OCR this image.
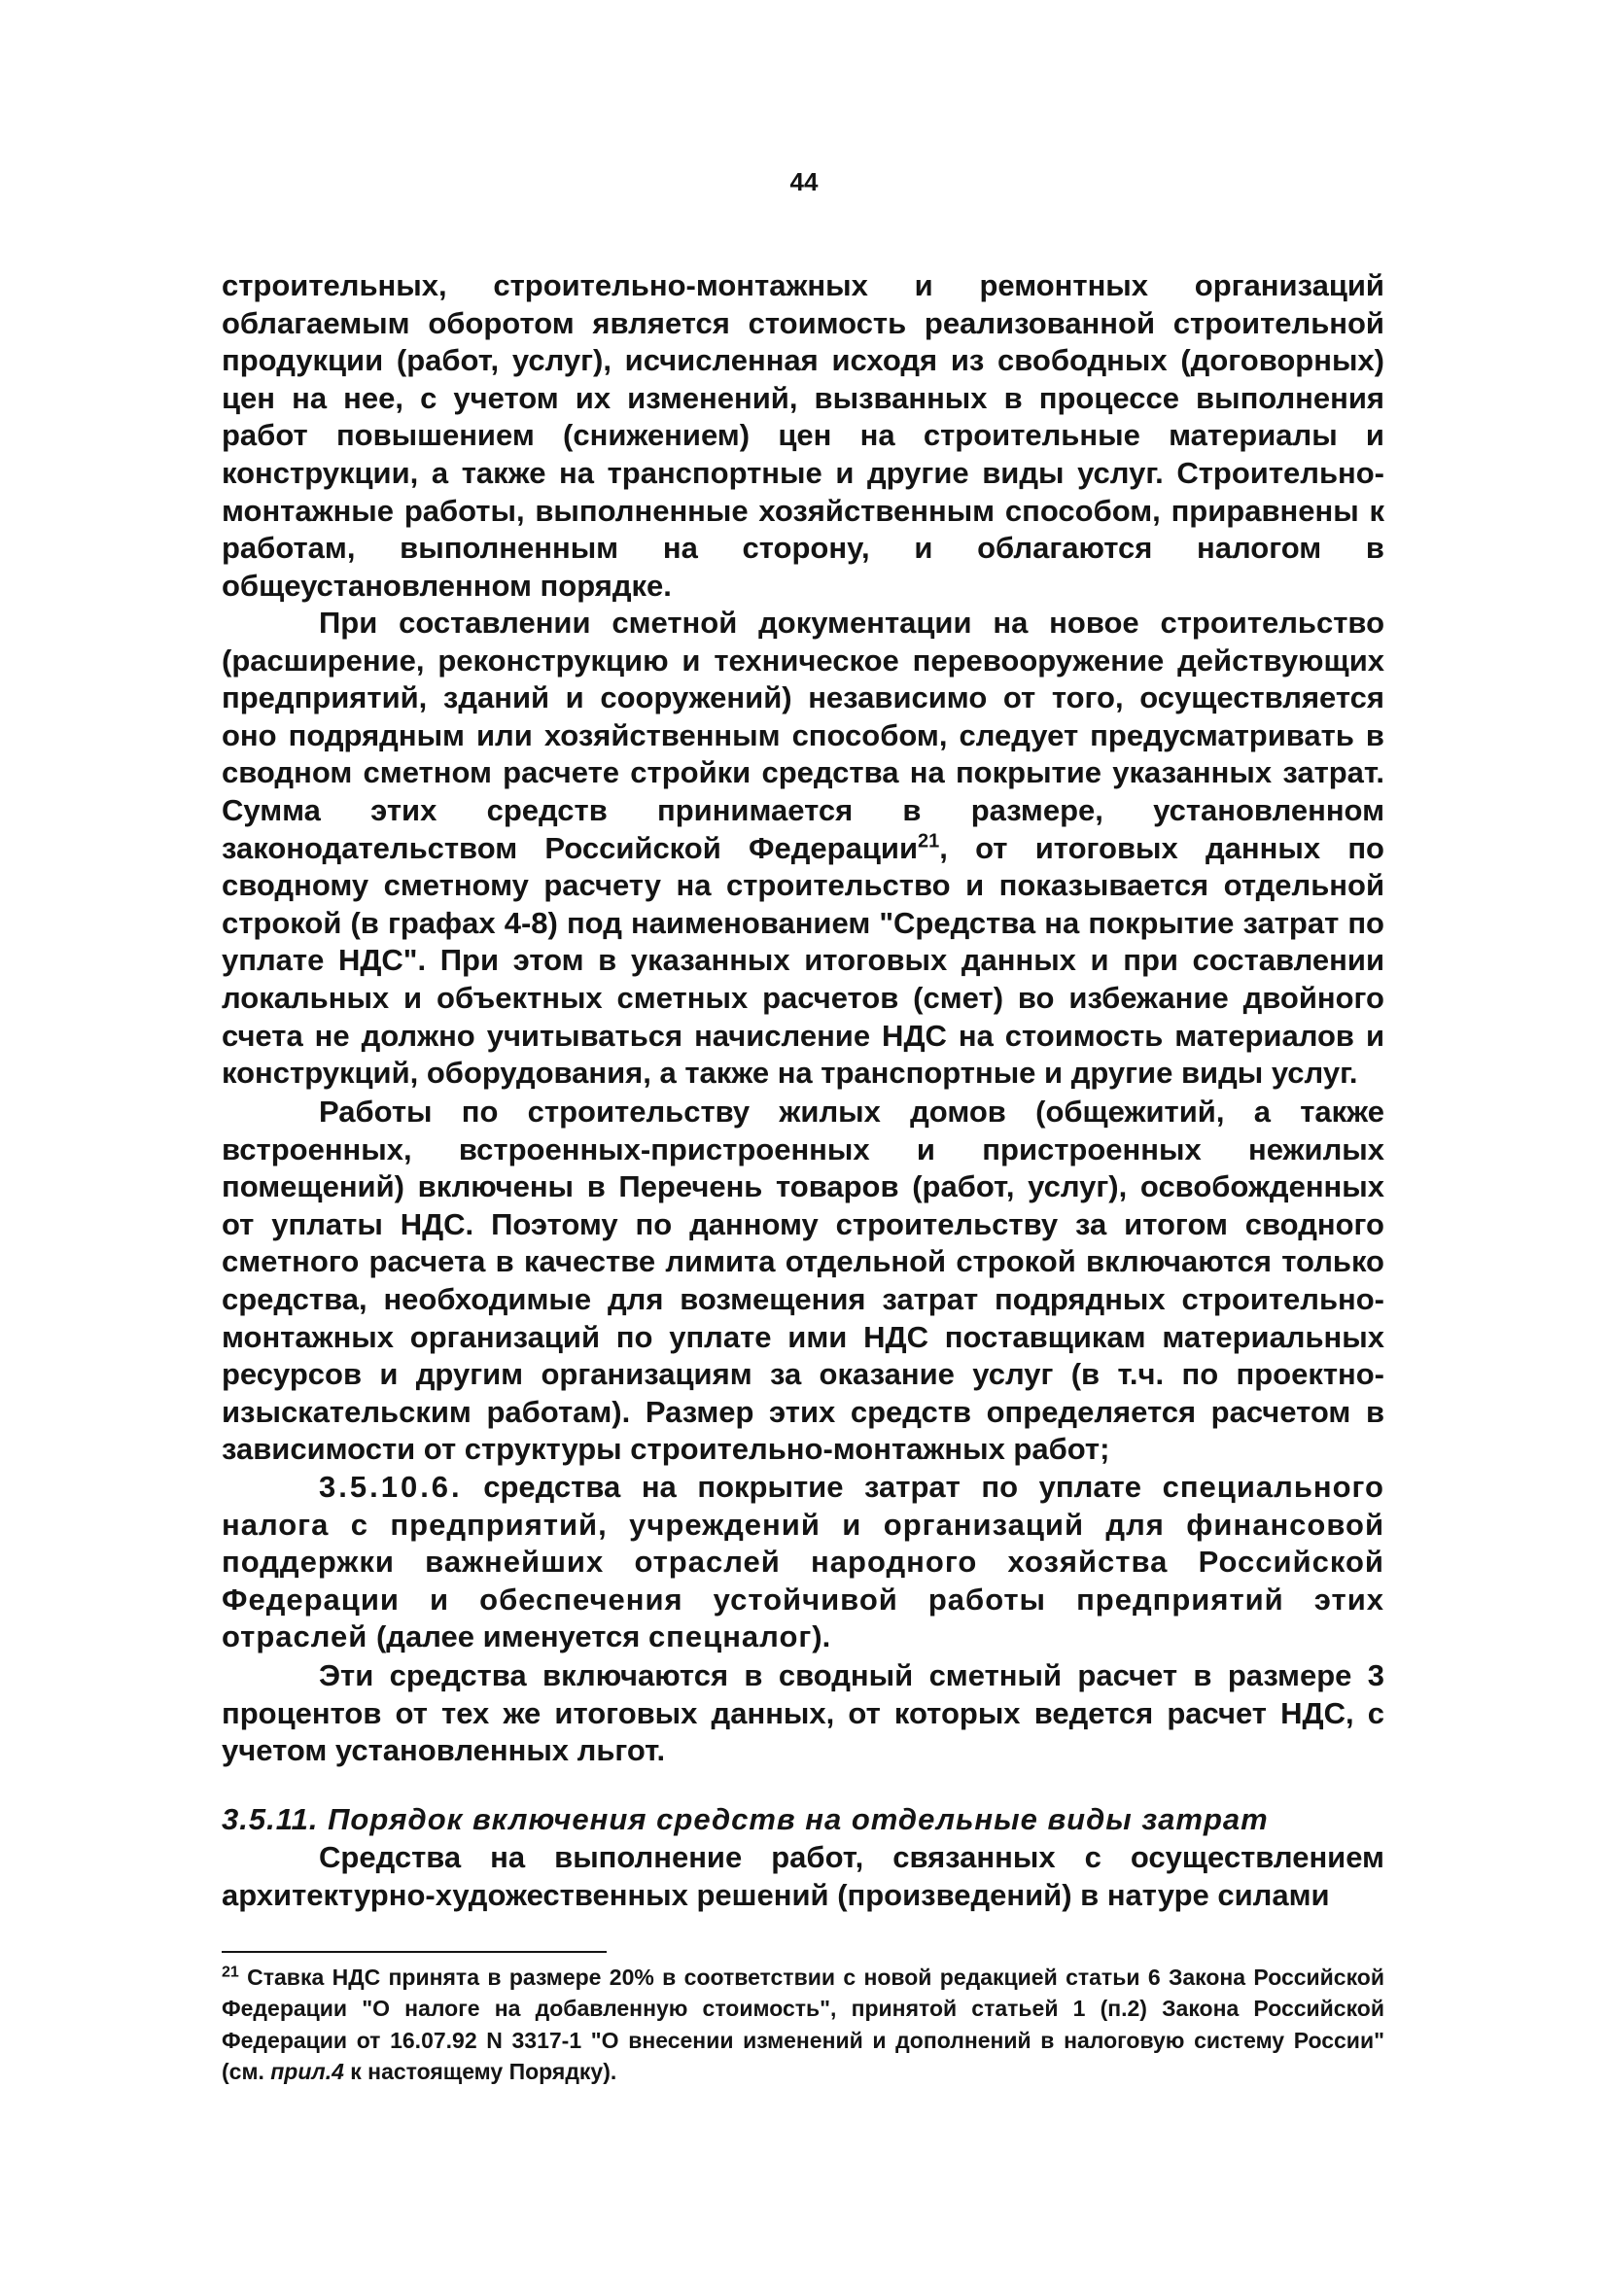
44
строительных, строительно-монтажных и ремонтных организаций облагаемым оборотом является стоимость реализованной строительной продукции (работ, услуг), исчисленная исходя из свободных (договорных) цен на нее, с учетом их изменений, вызванных в процессе выполнения работ повышением (снижением) цен на строительные материалы и конструкции, а также на транспортные и другие виды услуг. Строительно-монтажные работы, выполненные хозяйственным способом, приравнены к работам, выполненным на сторону, и облагаются налогом в общеустановленном порядке.
При составлении сметной документации на новое строительство (расширение, реконструкцию и техническое перевооружение действующих предприятий, зданий и сооружений) независимо от того, осуществляется оно подрядным или хозяйственным способом, следует предусматривать в сводном сметном расчете стройки средства на покрытие указанных затрат. Сумма этих средств принимается в размере, установленном законодательством Российской Федерации$^{21}$, от итоговых данных по сводному сметному расчету на строительство и показывается отдельной строкой (в графах 4-8) под наименованием "Средства на покрытие затрат по уплате НДС". При этом в указанных итоговых данных и при составлении локальных и объектных сметных расчетов (смет) во избежание двойного счета не должно учитываться начисление НДС на стоимость материалов и конструкций, оборудования, а также на транспортные и другие виды услуг.
Работы по строительству жилых домов (общежитий, а также встроенных, встроенных-пристроенных и пристроенных нежилых помещений) включены в Перечень товаров (работ, услуг), освобожденных от уплаты НДС. Поэтому по данному строительству за итогом сводного сметного расчета в качестве лимита отдельной строкой включаются только средства, необходимые для возмещения затрат подрядных строительно-монтажных организаций по уплате ими НДС поставщикам материальных ресурсов и другим организациям за оказание услуг (в т.ч. по проектно-изыскательским работам). Размер этих средств определяется расчетом в зависимости от структуры строительно-монтажных работ;
3.5.10.6. средства на покрытие затрат по уплате специального налога с предприятий, учреждений и организаций для финансовой поддержки важнейших отраслей народного хозяйства Российской Федерации и обеспечения устойчивой работы предприятий этих отраслей (далее именуется спецналог).
Эти средства включаются в сводный сметный расчет в размере 3 процентов от тех же итоговых данных, от которых ведется расчет НДС, с учетом установленных льгот.
3.5.11. Порядок включения средств на отдельные виды затрат
Средства на выполнение работ, связанных с осуществлением архитектурно-художественных решений (произведений) в натуре силами
$^{21}$ Ставка НДС принята в размере 20% в соответствии с новой редакцией статьи 6 Закона Российской Федерации "О налоге на добавленную стоимость", принятой статьей 1 (п.2) Закона Российской Федерации от 16.07.92 N 3317-1 "О внесении изменений и дополнений в налоговую систему России" (см. прил.4 к настоящему Порядку).
